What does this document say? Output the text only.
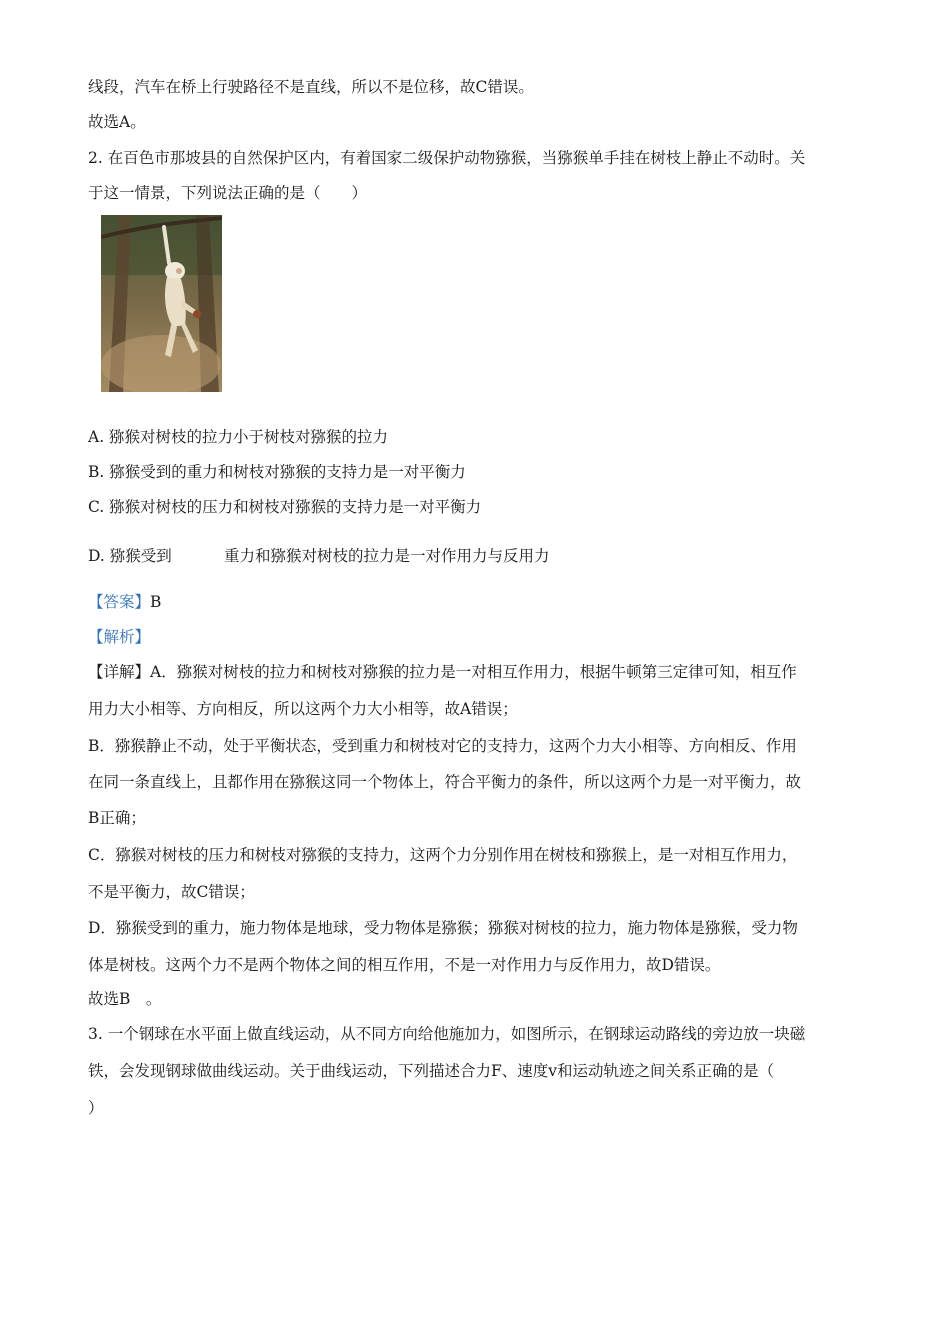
线段，汽车在桥上行驶路径不是直线，所以不是位移，故C错误。
故选A。
2. 在百色市那坡县的自然保护区内，有着国家二级保护动物猕猴，当猕猴单手挂在树枝上静止不动时。关
于这一情景，下列说法正确的是（　　）
A. 猕猴对树枝的拉力小于树枝对猕猴的拉力
B. 猕猴受到的重力和树枝对猕猴的支持力是一对平衡力
C. 猕猴对树枝的压力和树枝对猕猴的支持力是一对平衡力
D. 猕猴受到	重力和猕猴对树枝的拉力是一对作用力与反用力
【答案】B
【解析】
【详解】A．猕猴对树枝的拉力和树枝对猕猴的拉力是一对相互作用力，根据牛顿第三定律可知，相互作
用力大小相等、方向相反，所以这两个力大小相等，故A错误；
B．猕猴静止不动，处于平衡状态，受到重力和树枝对它的支持力，这两个力大小相等、方向相反、作用
在同一条直线上，且都作用在猕猴这同一个物体上，符合平衡力的条件，所以这两个力是一对平衡力，故
B正确；
C．猕猴对树枝的压力和树枝对猕猴的支持力，这两个力分别作用在树枝和猕猴上，是一对相互作用力，
不是平衡力，故C错误；
D．猕猴受到的重力，施力物体是地球，受力物体是猕猴；猕猴对树枝的拉力，施力物体是猕猴，受力物
体是树枝。这两个力不是两个物体之间的相互作用，不是一对作用力与反作用力，故D错误。
故选B　。
3. 一个钢球在水平面上做直线运动，从不同方向给他施加力，如图所示，在钢球运动路线的旁边放一块磁
铁，会发现钢球做曲线运动。关于曲线运动，下列描述合力F、速度v和运动轨迹之间关系正确的是（
）
